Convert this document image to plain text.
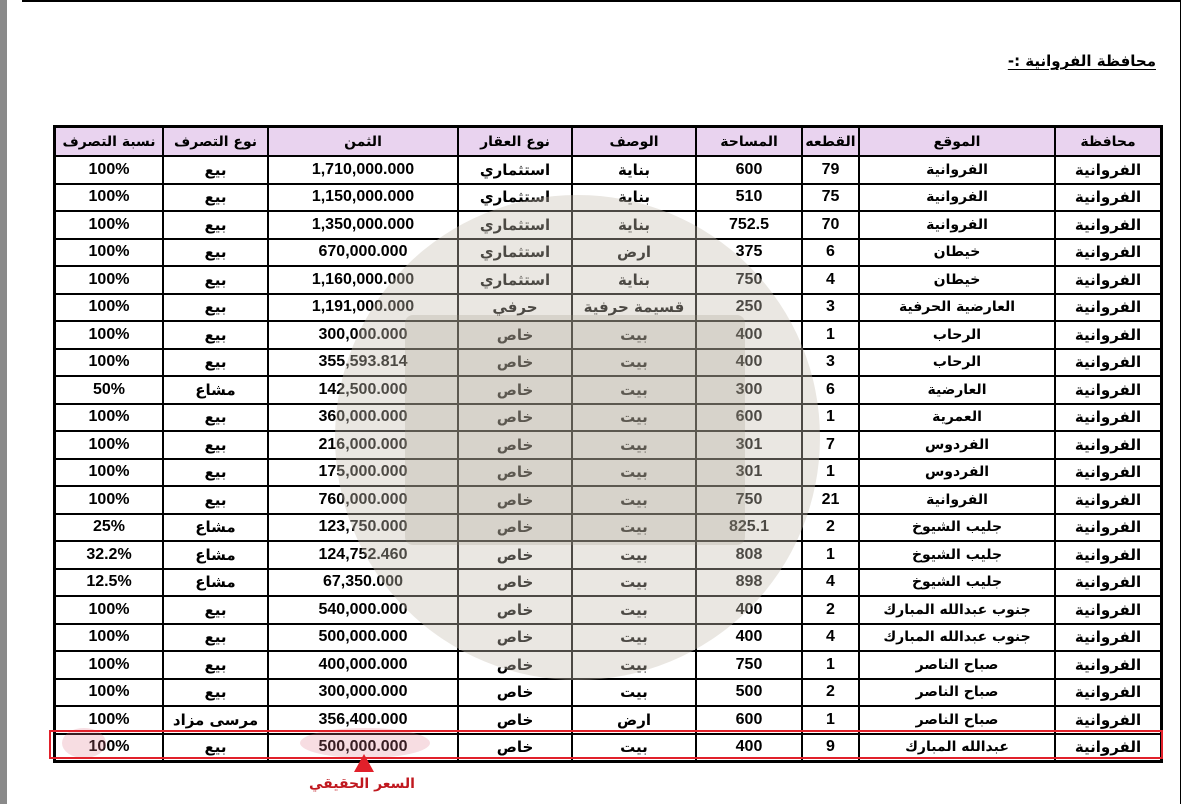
محافظة الفروانية :-
محافظة	الموقع	القطعه	المساحة	الوصف	نوع العقار	الثمن	نوع التصرف	نسبة التصرف
الفروانية	الفروانية	79	600	بناية	استثماري	1,710,000.000	بيع	100%
الفروانية	الفروانية	75	510	بناية	استثماري	1,150,000.000	بيع	100%
الفروانية	الفروانية	70	752.5	بناية	استثماري	1,350,000.000	بيع	100%
الفروانية	خيطان	6	375	ارض	استثماري	670,000.000	بيع	100%
الفروانية	خيطان	4	750	بناية	استثماري	1,160,000.000	بيع	100%
الفروانية	العارضية الحرفية	3	250	قسيمة حرفية	حرفي	1,191,000.000	بيع	100%
الفروانية	الرحاب	1	400	بيت	خاص	300,000.000	بيع	100%
الفروانية	الرحاب	3	400	بيت	خاص	355,593.814	بيع	100%
الفروانية	العارضية	6	300	بيت	خاص	142,500.000	مشاع	50%
الفروانية	العمرية	1	600	بيت	خاص	360,000.000	بيع	100%
الفروانية	الفردوس	7	301	بيت	خاص	216,000.000	بيع	100%
الفروانية	الفردوس	1	301	بيت	خاص	175,000.000	بيع	100%
الفروانية	الفروانية	21	750	بيت	خاص	760,000.000	بيع	100%
الفروانية	جليب الشيوخ	2	825.1	بيت	خاص	123,750.000	مشاع	25%
الفروانية	جليب الشيوخ	1	808	بيت	خاص	124,752.460	مشاع	32.2%
الفروانية	جليب الشيوخ	4	898	بيت	خاص	67,350.000	مشاع	12.5%
الفروانية	جنوب عبدالله المبارك	2	400	بيت	خاص	540,000.000	بيع	100%
الفروانية	جنوب عبدالله المبارك	4	400	بيت	خاص	500,000.000	بيع	100%
الفروانية	صباح الناصر	1	750	بيت	خاص	400,000.000	بيع	100%
الفروانية	صباح الناصر	2	500	بيت	خاص	300,000.000	بيع	100%
الفروانية	صباح الناصر	1	600	ارض	خاص	356,400.000	مرسى مزاد	100%
الفروانية	عبدالله المبارك	9	400	بيت	خاص	500,000.000	بيع	100%
السعر الحقيقي
